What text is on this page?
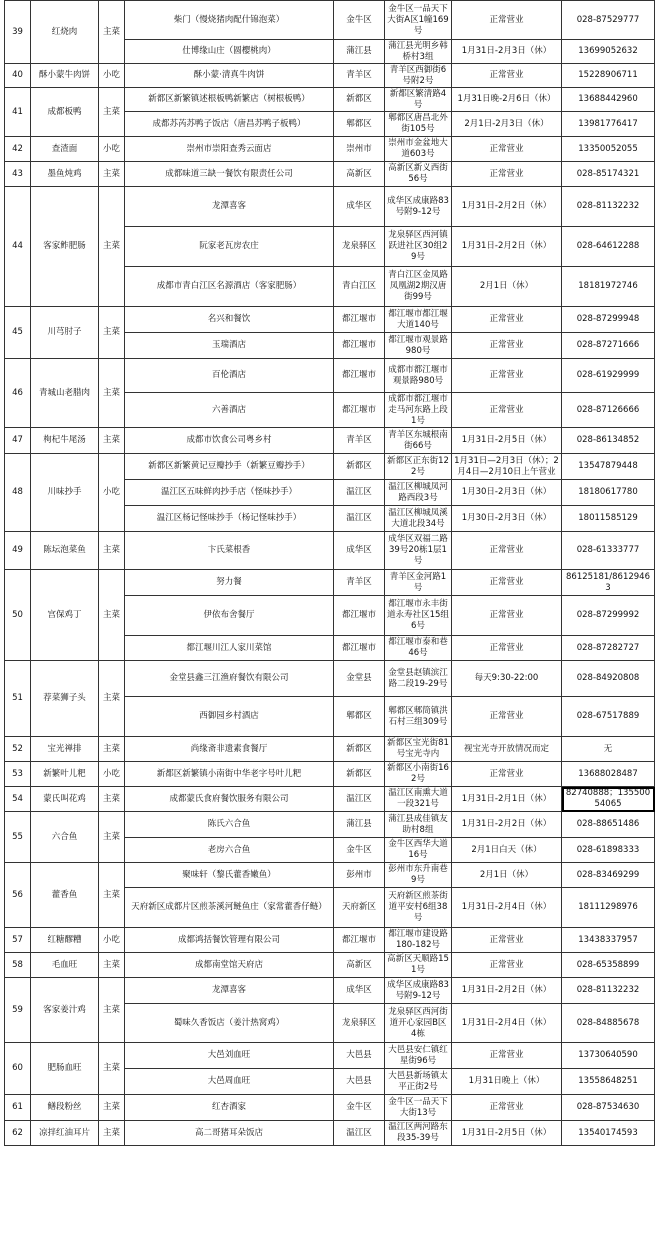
39	红烧肉	主菜	柴门（慢烧猪肉配什锦泡菜）	金牛区	金牛区一品天下大街A区1幢169号	正常营业	028-87529777
			仕博缘山庄（圆樱桃肉）	蒲江县	蒲江县光明乡韩桥村3组	1月31日-2月3日（休）	13699052632
40	酥小蒙牛肉饼	小吃	酥小蒙·清真牛肉饼	青羊区	青羊区西御街6号附2号	正常营业	15228906711
41	成都板鸭	主菜	新都区新繁镇述根板鸭新繁店（树根板鸭）	新都区	新都区繁清路4号	1月31日晚-2月6日（休）	13688442960
			成都苏芮苏鸭子饭店（唐昌苏鸭子板鸭）	郫都区	郫都区唐昌北外街105号	2月1日-2月3日（休）	13981776417
42	查渣面	小吃	崇州市崇阳查秀云面店	崇州市	崇州市金盆地大道603号	正常营业	13350052055
43	墨鱼炖鸡	主菜	成都味道三缺一餐饮有限责任公司	高新区	高新区新义西街56号	正常营业	028-85174321
44	客家鲊肥肠	主菜	龙潭喜客	成华区	成华区成康路83号附9-12号	1月31日-2月2日（休）	028-81132232
			阮家老瓦房农庄	龙泉驿区	龙泉驿区西河镇跃进社区30组29号	1月31日-2月2日（休）	028-64612288
			成都市青白江区名源酒店（客家肥肠）	青白江区	青白江区金凤路凤凰湖2期汉唐街99号	2月1日（休）	18181972746
45	川芎肘子	主菜	名兴和餐饮	都江堰市	都江堰市都江堰大道140号	正常营业	028-87299948
			玉瑞酒店	都江堰市	都江堰市观景路980号	正常营业	028-87271666
46	青城山老腊肉	主菜	百伦酒店	都江堰市	成都市都江堰市观景路980号	正常营业	028-61929999
			六善酒店	都江堰市	成都市都江堰市走马河东路上段1号	正常营业	028-87126666
47	枸杞牛尾汤	主菜	成都市饮食公司粤乡村	青羊区	青羊区东城根南街66号	1月31日-2月5日（休）	028-86134852
48	川味抄手	小吃	新都区新繁黄记豆瓣抄手（新繁豆瓣抄手）	新都区	新都区正东街122号	1月31日—2月3日（休）；2月4日—2月10日上午营业	13547879448
			温江区五味鲜肉抄手店（怪味抄手）	温江区	温江区柳城凤河路西段3号	1月30日-2月3日（休）	18180617780
			温江区杨记怪味抄手（杨记怪味抄手）	温江区	温江区柳城凤溪大道北段34号	1月30日-2月3日（休）	18011585129
49	陈坛泡菜鱼	主菜	卞氏菜根香	成华区	成华区双福二路39号20栋1层1号	正常营业	028-61333777
50	宫保鸡丁	主菜	努力餐	青羊区	青羊区金河路1号	正常营业	86125181/86129463
			伊依布舍餐厅	都江堰市	都江堰市永丰街道永寿社区15组6号	正常营业	028-87299992
			都江堰川江人家川菜馆	都江堰市	都江堰市泰和巷46号	正常营业	028-87282727
51	荐菜狮子头	主菜	金堂县鑫三江渔府餐饮有限公司	金堂县	金堂县赵镇滨江路二段19-29号	每天9:30-22:00	028-84920808
			西御园乡村酒店	郫都区	郫都区郫筒镇洪石村三组309号	正常营业	028-67517889
52	宝光禅排	主菜	尚缘斋非遗素食餐厅	新都区	新都区宝光街81号宝光寺内	视宝光寺开放情况而定	无
53	新繁叶儿粑	小吃	新都区新繁镇小南街中华老字号叶儿粑	新都区	新都区小南街162号	正常营业	13688028487
54	蒙氏叫花鸡	主菜	成都蒙氏食府餐饮服务有限公司	温江区	温江区南熏大道一段321号	1月31日-2月1日（休）	82740888；13550054065
55	六合鱼	主菜	陈氏六合鱼	蒲江县	蒲江县成佳镇友助村8组	1月31日-2月2日（休）	028-88651486
			老房六合鱼	金牛区	金牛区西华大道16号	2月1日白天（休）	028-61898333
56	藿香鱼	主菜	聚味轩（黎氏藿香嫩鱼）	彭州市	彭州市东升南巷9号	2月1日（休）	028-83469299
			天府新区成都片区煎茶溪河鲢鱼庄（家常藿香仔鲢）	天府新区	天府新区煎茶街道平安村6组38号	1月31日-2月4日（休）	18111298976
57	红糖醪糟	小吃	成都鸿括餐饮管理有限公司	都江堰市	都江堰市建设路180-182号	正常营业	13438337957
58	毛血旺	主菜	成都南堂馆天府店	高新区	高新区天顺路151号	正常营业	028-65358899
59	客家姜汁鸡	主菜	龙潭喜客	成华区	成华区成康路83号附9-12号	1月31日-2月2日（休）	028-81132232
			蜀味久香饭店（姜汁热窝鸡）	龙泉驿区	龙泉驿区西河街道开心家园B区4栋	1月31日-2月4日（休）	028-84885678
60	肥肠血旺	主菜	大邑刘血旺	大邑县	大邑县安仁镇红星街96号	正常营业	13730640590
			大邑周血旺	大邑县	大邑县新场镇太平正街2号	1月31日晚上（休）	13558648251
61	鳝段粉丝	主菜	红杏酒家	金牛区	金牛区一品天下大街13号	正常营业	028-87534630
62	凉拌红油耳片	主菜	高二哥猪耳朵饭店	温江区	温江区两河路东段35-39号	1月31日-2月5日（休）	13540174593
